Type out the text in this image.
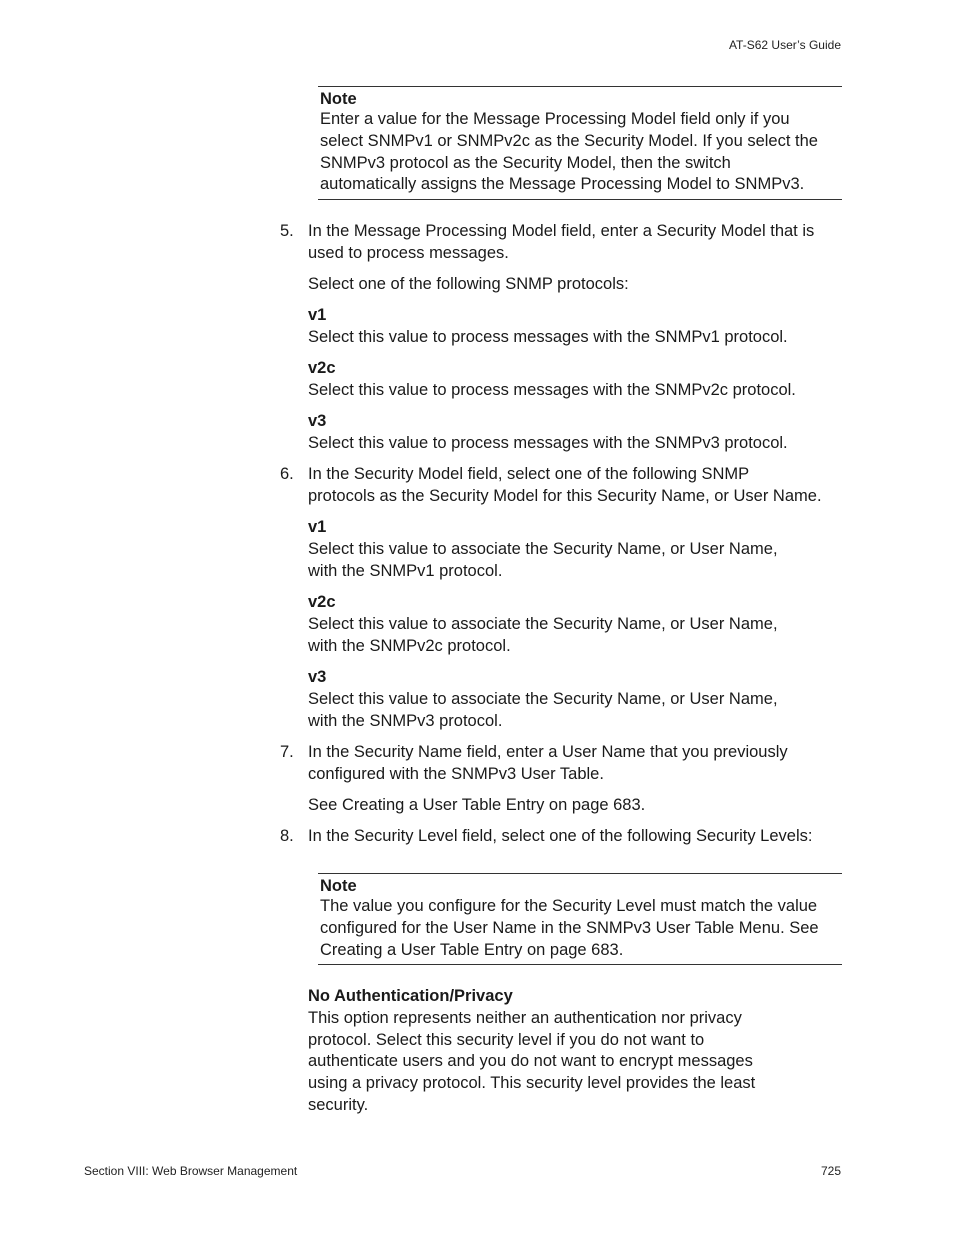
AT-S62 User’s Guide
Note
Enter a value for the Message Processing Model field only if you
select SNMPv1 or SNMPv2c as the Security Model. If you select the
SNMPv3 protocol as the Security Model, then the switch
automatically assigns the Message Processing Model to SNMPv3.
5. In the Message Processing Model field, enter a Security Model that is
used to process messages.
Select one of the following SNMP protocols:
v1
Select this value to process messages with the SNMPv1 protocol.
v2c
Select this value to process messages with the SNMPv2c protocol.
v3
Select this value to process messages with the SNMPv3 protocol.
6. In the Security Model field, select one of the following SNMP
protocols as the Security Model for this Security Name, or User Name.
v1
Select this value to associate the Security Name, or User Name,
with the SNMPv1 protocol.
v2c
Select this value to associate the Security Name, or User Name,
with the SNMPv2c protocol.
v3
Select this value to associate the Security Name, or User Name,
with the SNMPv3 protocol.
7. In the Security Name field, enter a User Name that you previously
configured with the SNMPv3 User Table.
See Creating a User Table Entry on page 683.
8. In the Security Level field, select one of the following Security Levels:
Note
The value you configure for the Security Level must match the value
configured for the User Name in the SNMPv3 User Table Menu. See
Creating a User Table Entry on page 683.
No Authentication/Privacy
This option represents neither an authentication nor privacy
protocol. Select this security level if you do not want to
authenticate users and you do not want to encrypt messages
using a privacy protocol. This security level provides the least
security.
Section VIII: Web Browser Management	725
